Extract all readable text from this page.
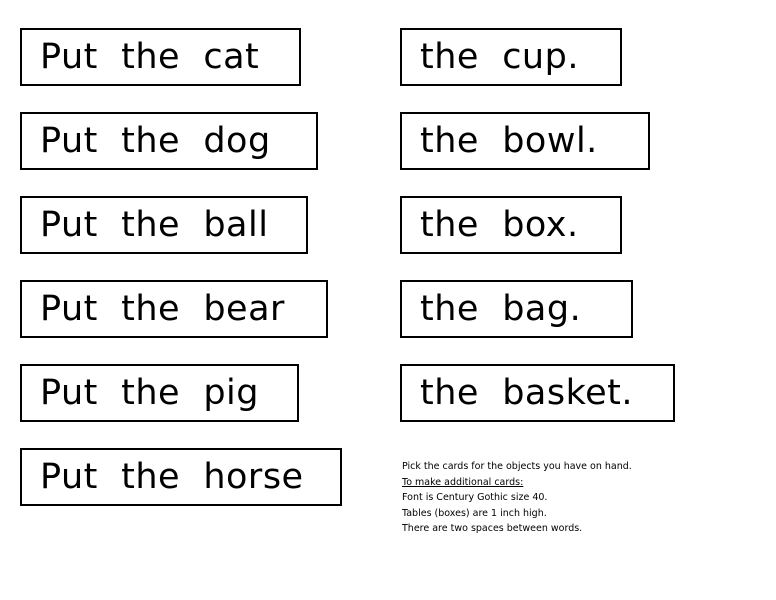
Put  the  cat
Put  the  dog
Put  the  ball
Put  the  bear
Put  the  pig
Put  the  horse
the  cup.
the  bowl.
the  box.
the  bag.
the  basket.
Pick the cards for the objects you have on hand.
To make additional cards:
Font is Century Gothic size 40.
Tables (boxes) are 1 inch high.
There are two spaces between words.
